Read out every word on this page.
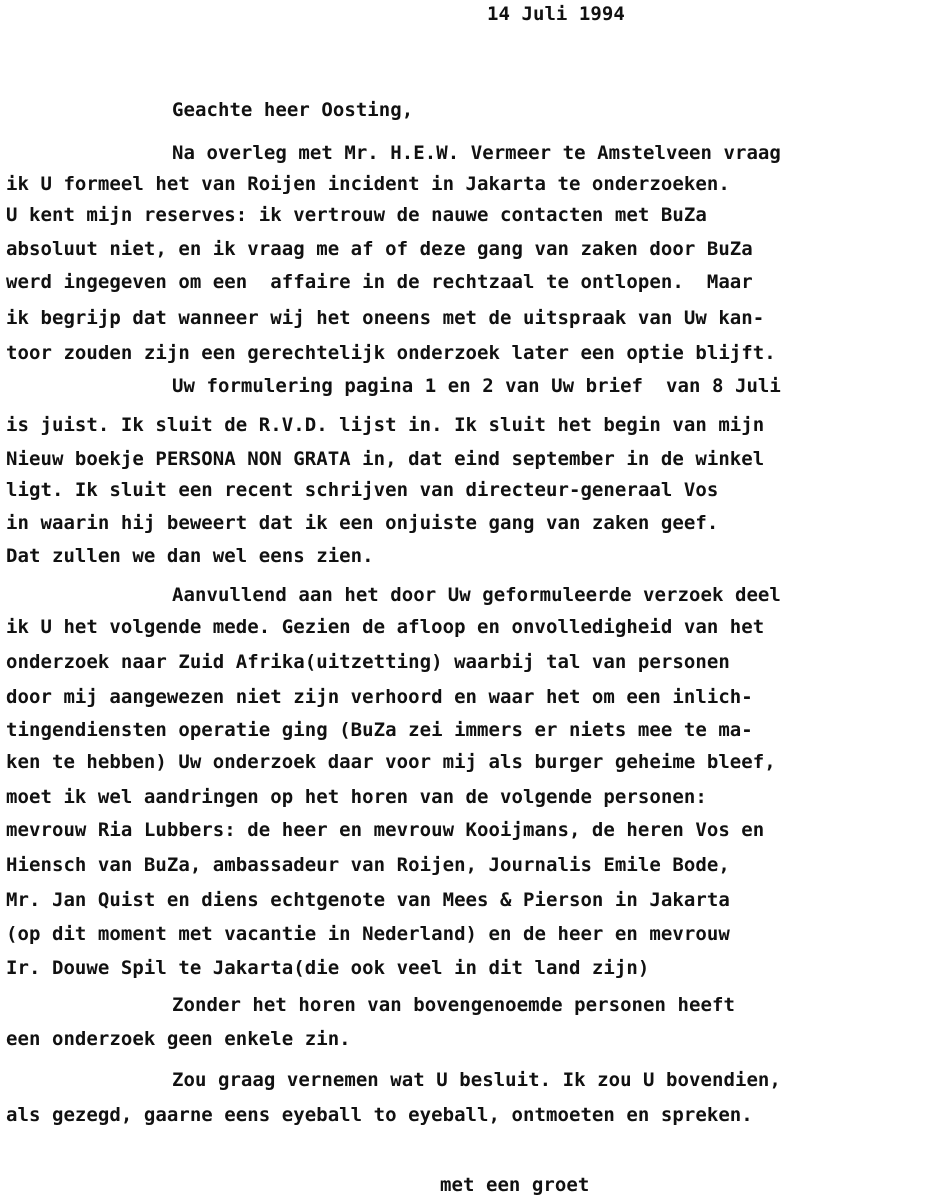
14 Juli 1994
Geachte heer Oosting,
Na overleg met Mr. H.E.W. Vermeer te Amstelveen vraag
ik U formeel het van Roijen incident in Jakarta te onderzoeken.
U kent mijn reserves: ik vertrouw de nauwe contacten met BuZa
absoluut niet, en ik vraag me af of deze gang van zaken door BuZa
werd ingegeven om een  affaire in de rechtzaal te ontlopen.  Maar
ik begrijp dat wanneer wij het oneens met de uitspraak van Uw kan-
toor zouden zijn een gerechtelijk onderzoek later een optie blijft.
Uw formulering pagina 1 en 2 van Uw brief  van 8 Juli
is juist. Ik sluit de R.V.D. lijst in. Ik sluit het begin van mijn
Nieuw boekje PERSONA NON GRATA in, dat eind september in de winkel
ligt. Ik sluit een recent schrijven van directeur-generaal Vos
in waarin hij beweert dat ik een onjuiste gang van zaken geef.
Dat zullen we dan wel eens zien.
Aanvullend aan het door Uw geformuleerde verzoek deel
ik U het volgende mede. Gezien de afloop en onvolledigheid van het
onderzoek naar Zuid Afrika(uitzetting) waarbij tal van personen
door mij aangewezen niet zijn verhoord en waar het om een inlich-
tingendiensten operatie ging (BuZa zei immers er niets mee te ma-
ken te hebben) Uw onderzoek daar voor mij als burger geheime bleef,
moet ik wel aandringen op het horen van de volgende personen:
mevrouw Ria Lubbers: de heer en mevrouw Kooijmans, de heren Vos en
Hiensch van BuZa, ambassadeur van Roijen, Journalis Emile Bode,
Mr. Jan Quist en diens echtgenote van Mees & Pierson in Jakarta
(op dit moment met vacantie in Nederland) en de heer en mevrouw
Ir. Douwe Spil te Jakarta(die ook veel in dit land zijn)
Zonder het horen van bovengenoemde personen heeft
een onderzoek geen enkele zin.
Zou graag vernemen wat U besluit. Ik zou U bovendien,
als gezegd, gaarne eens eyeball to eyeball, ontmoeten en spreken.
met een groet
